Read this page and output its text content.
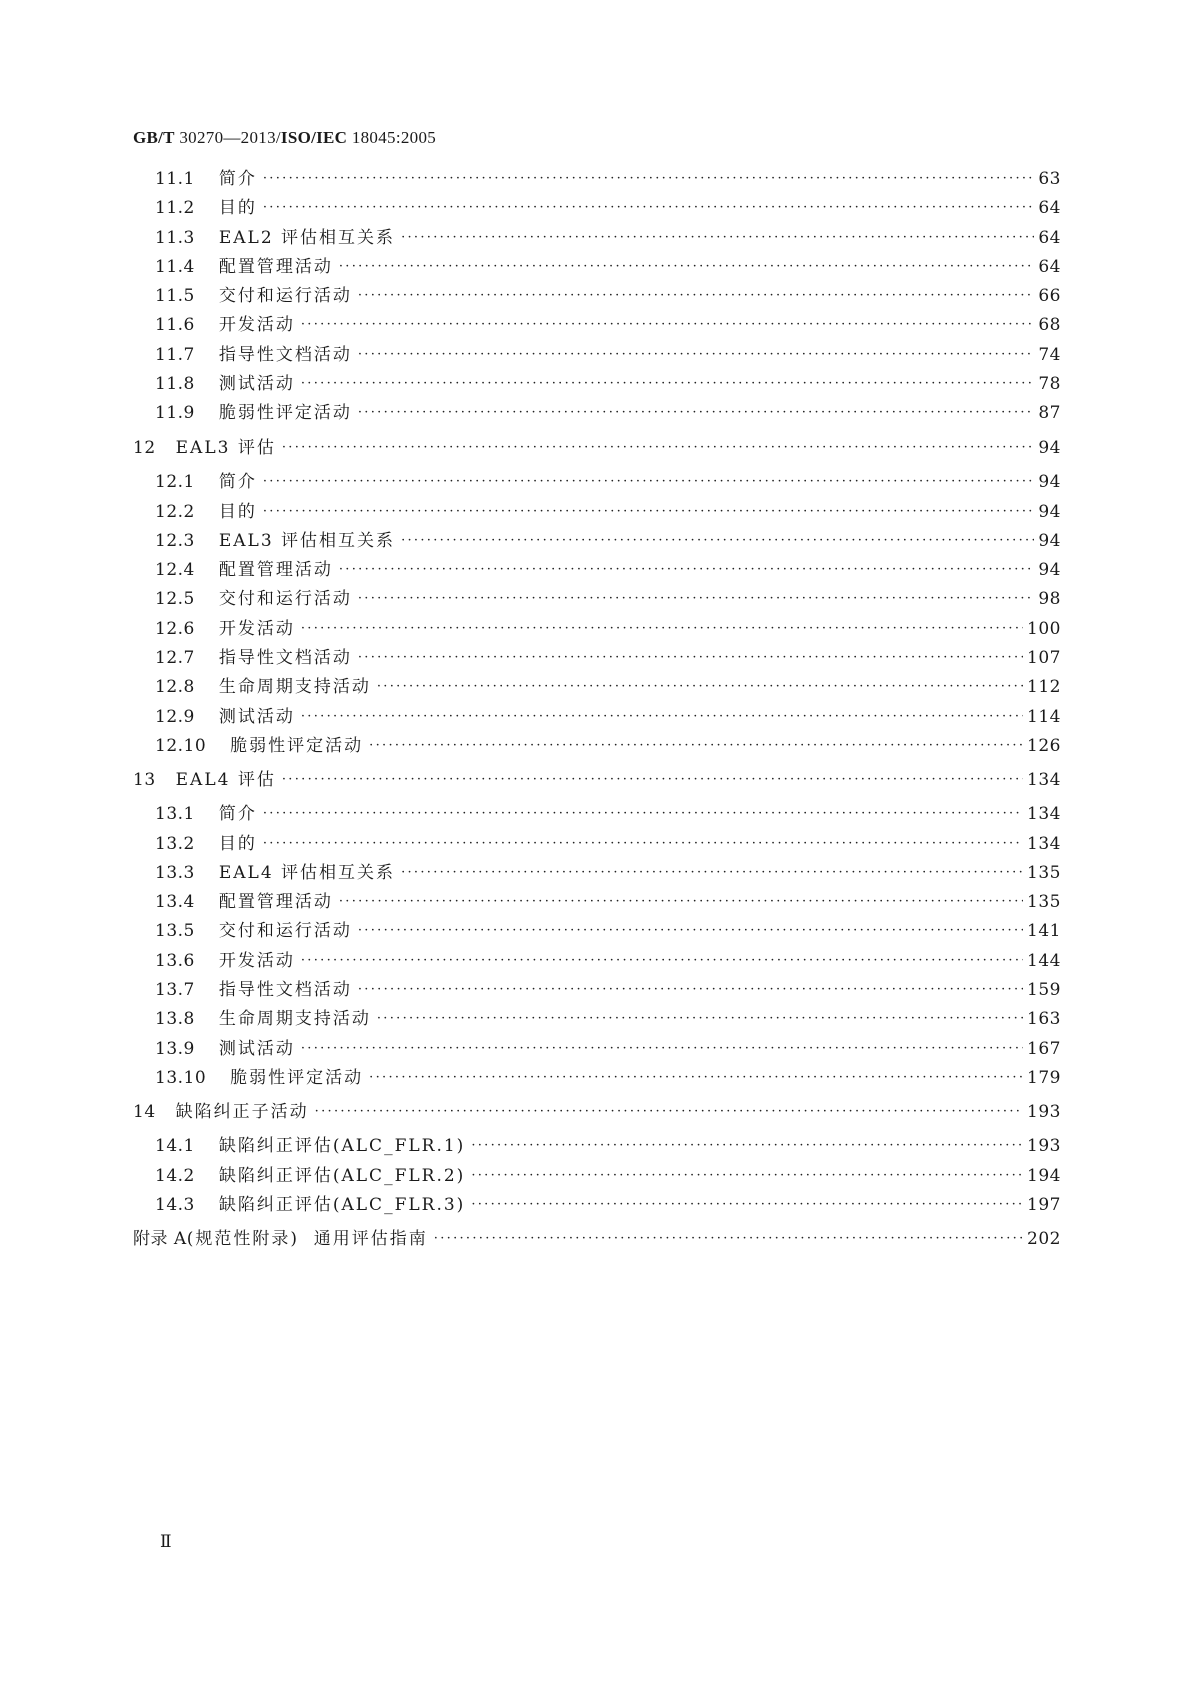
GB/T 30270—2013/ISO/IEC 18045:2005
11.1 简介 ·····	63
11.2 目的 ·····	64
11.3 EAL2 评估相互关系 ·····	64
11.4 配置管理活动 ·····	64
11.5 交付和运行活动 ·····	66
11.6 开发活动 ·····	68
11.7 指导性文档活动 ·····	74
11.8 测试活动 ·····	78
11.9 脆弱性评定活动 ·····	87
12 EAL3 评估 ·····	94
12.1 简介 ·····	94
12.2 目的 ·····	94
12.3 EAL3 评估相互关系 ·····	94
12.4 配置管理活动 ·····	94
12.5 交付和运行活动 ·····	98
12.6 开发活动 ·····	100
12.7 指导性文档活动 ·····	107
12.8 生命周期支持活动 ·····	112
12.9 测试活动 ·····	114
12.10 脆弱性评定活动 ·····	126
13 EAL4 评估 ·····	134
13.1 简介 ·····	134
13.2 目的 ·····	134
13.3 EAL4 评估相互关系 ·····	135
13.4 配置管理活动 ·····	135
13.5 交付和运行活动 ·····	141
13.6 开发活动 ·····	144
13.7 指导性文档活动 ·····	159
13.8 生命周期支持活动 ·····	163
13.9 测试活动 ·····	167
13.10 脆弱性评定活动 ·····	179
14 缺陷纠正子活动 ·····	193
14.1 缺陷纠正评估(ALC_FLR.1) ·····	193
14.2 缺陷纠正评估(ALC_FLR.2) ·····	194
14.3 缺陷纠正评估(ALC_FLR.3) ·····	197
附录 A (规范性附录)  通用评估指南 ·····	202
Ⅱ
